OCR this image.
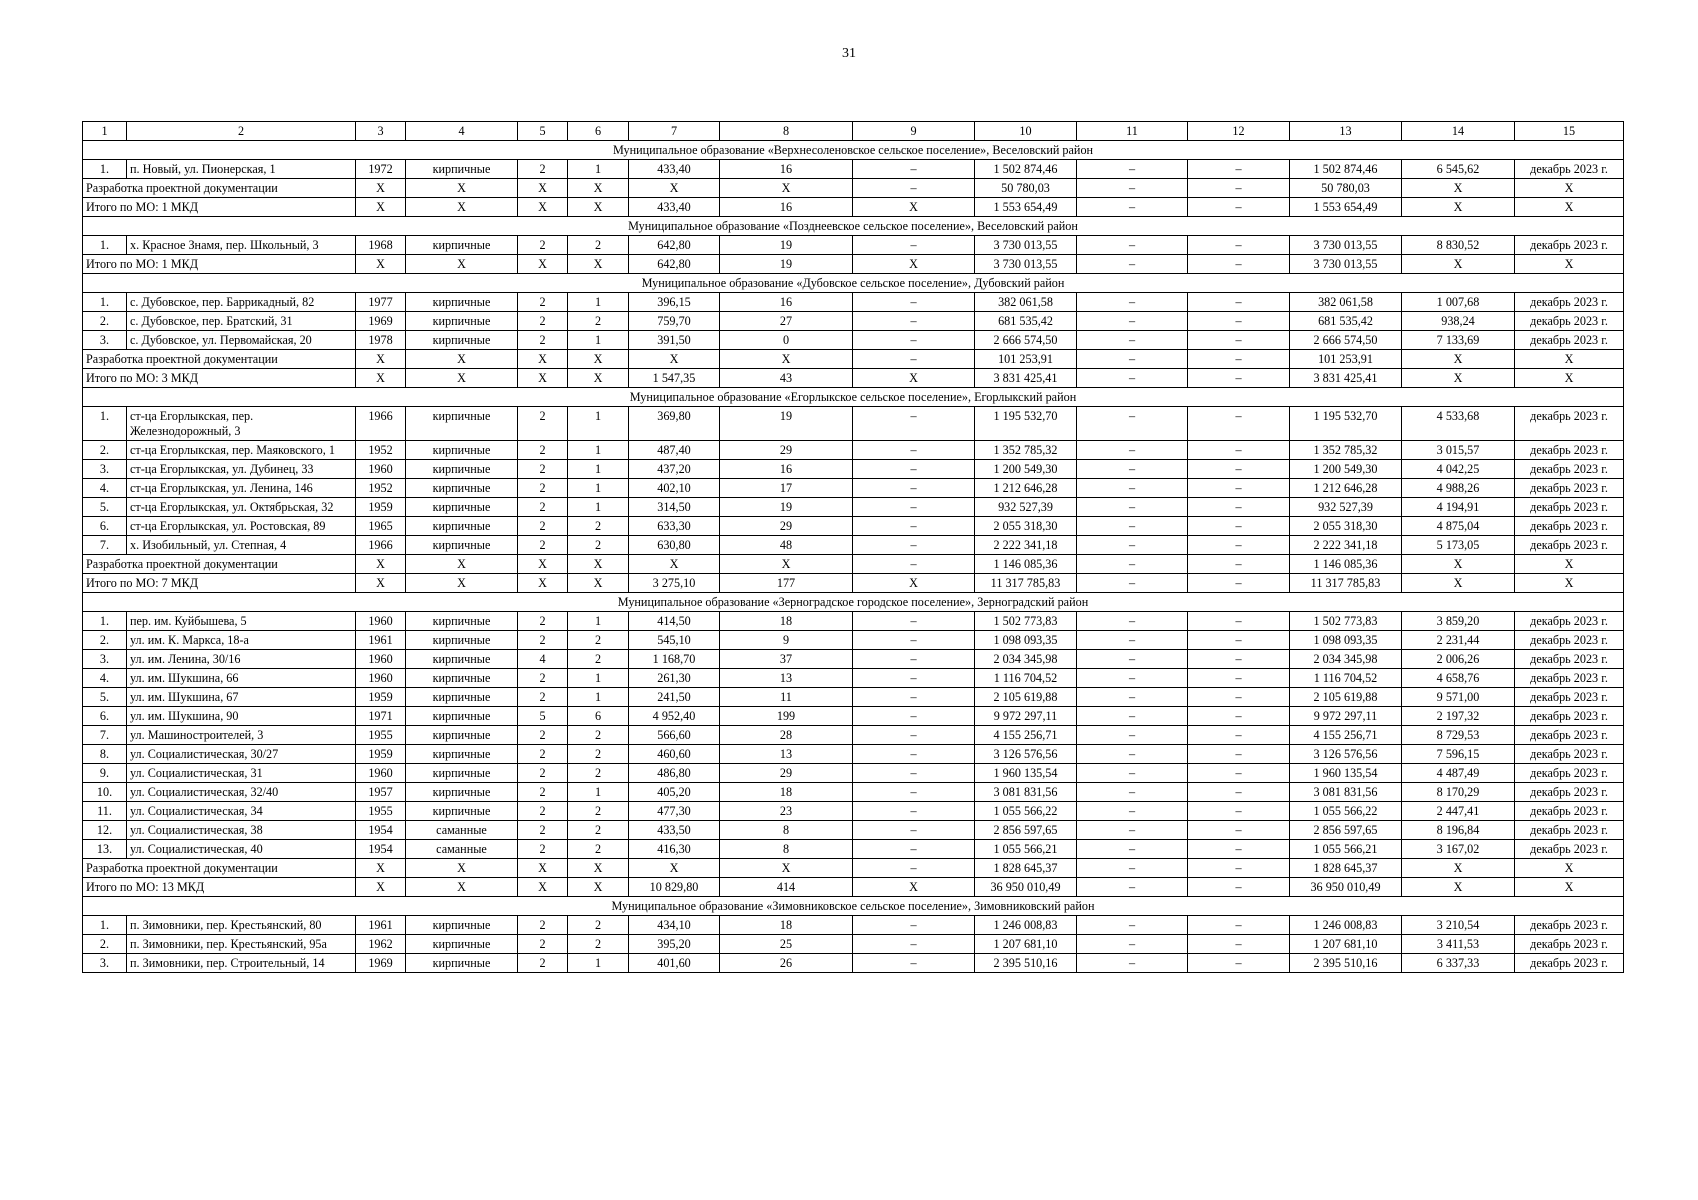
31
1	2	3	4	5	6	7	8	9	10	11	12	13	14	15
Муниципальное образование «Верхнесоленовское сельское поселение», Веселовский район														
1.	п. Новый, ул. Пионерская, 1	1972	кирпичные	2	1	433,40	16	–	1 502 874,46	–	–	1 502 874,46	6 545,62	декабрь 2023 г.
Разработка проектной документации		X	X	X	X	X	X	–	50 780,03	–	–	50 780,03	X	X
Итого по МО: 1 МКД		X	X	X	X	433,40	16	X	1 553 654,49	–	–	1 553 654,49	X	X
Муниципальное образование «Позднеевское сельское поселение», Веселовский район														
1.	х. Красное Знамя, пер. Школьный, 3	1968	кирпичные	2	2	642,80	19	–	3 730 013,55	–	–	3 730 013,55	8 830,52	декабрь 2023 г.
Итого по МО: 1 МКД		X	X	X	X	642,80	19	X	3 730 013,55	–	–	3 730 013,55	X	X
Муниципальное образование «Дубовское сельское поселение», Дубовский район														
1.	с. Дубовское, пер. Баррикадный, 82	1977	кирпичные	2	1	396,15	16	–	382 061,58	–	–	382 061,58	1 007,68	декабрь 2023 г.
2.	с. Дубовское, пер. Братский, 31	1969	кирпичные	2	2	759,70	27	–	681 535,42	–	–	681 535,42	938,24	декабрь 2023 г.
3.	с. Дубовское, ул. Первомайская, 20	1978	кирпичные	2	1	391,50	0	–	2 666 574,50	–	–	2 666 574,50	7 133,69	декабрь 2023 г.
Разработка проектной документации		X	X	X	X	X	X	–	101 253,91	–	–	101 253,91	X	X
Итого по МО: 3 МКД		X	X	X	X	1 547,35	43	X	3 831 425,41	–	–	3 831 425,41	X	X
Муниципальное образование «Егорлыкское сельское поселение», Егорлыкский район														
1.	ст-ца Егорлыкская, пер. Железнодорожный, 3	1966	кирпичные	2	1	369,80	19	–	1 195 532,70	–	–	1 195 532,70	4 533,68	декабрь 2023 г.
2.	ст-ца Егорлыкская, пер. Маяковского, 1	1952	кирпичные	2	1	487,40	29	–	1 352 785,32	–	–	1 352 785,32	3 015,57	декабрь 2023 г.
3.	ст-ца Егорлыкская, ул. Дубинец, 33	1960	кирпичные	2	1	437,20	16	–	1 200 549,30	–	–	1 200 549,30	4 042,25	декабрь 2023 г.
4.	ст-ца Егорлыкская, ул. Ленина, 146	1952	кирпичные	2	1	402,10	17	–	1 212 646,28	–	–	1 212 646,28	4 988,26	декабрь 2023 г.
5.	ст-ца Егорлыкская, ул. Октябрьская, 32	1959	кирпичные	2	1	314,50	19	–	932 527,39	–	–	932 527,39	4 194,91	декабрь 2023 г.
6.	ст-ца Егорлыкская, ул. Ростовская, 89	1965	кирпичные	2	2	633,30	29	–	2 055 318,30	–	–	2 055 318,30	4 875,04	декабрь 2023 г.
7.	х. Изобильный, ул. Степная, 4	1966	кирпичные	2	2	630,80	48	–	2 222 341,18	–	–	2 222 341,18	5 173,05	декабрь 2023 г.
Разработка проектной документации		X	X	X	X	X	X	–	1 146 085,36	–	–	1 146 085,36	X	X
Итого по МО: 7 МКД		X	X	X	X	3 275,10	177	X	11 317 785,83	–	–	11 317 785,83	X	X
Муниципальное образование «Зерноградское городское поселение», Зерноградский район														
1.	пер. им. Куйбышева, 5	1960	кирпичные	2	1	414,50	18	–	1 502 773,83	–	–	1 502 773,83	3 859,20	декабрь 2023 г.
2.	ул. им. К. Маркса, 18-а	1961	кирпичные	2	2	545,10	9	–	1 098 093,35	–	–	1 098 093,35	2 231,44	декабрь 2023 г.
3.	ул. им. Ленина, 30/16	1960	кирпичные	4	2	1 168,70	37	–	2 034 345,98	–	–	2 034 345,98	2 006,26	декабрь 2023 г.
4.	ул. им. Шукшина, 66	1960	кирпичные	2	1	261,30	13	–	1 116 704,52	–	–	1 116 704,52	4 658,76	декабрь 2023 г.
5.	ул. им. Шукшина, 67	1959	кирпичные	2	1	241,50	11	–	2 105 619,88	–	–	2 105 619,88	9 571,00	декабрь 2023 г.
6.	ул. им. Шукшина, 90	1971	кирпичные	5	6	4 952,40	199	–	9 972 297,11	–	–	9 972 297,11	2 197,32	декабрь 2023 г.
7.	ул. Машиностроителей, 3	1955	кирпичные	2	2	566,60	28	–	4 155 256,71	–	–	4 155 256,71	8 729,53	декабрь 2023 г.
8.	ул. Социалистическая, 30/27	1959	кирпичные	2	2	460,60	13	–	3 126 576,56	–	–	3 126 576,56	7 596,15	декабрь 2023 г.
9.	ул. Социалистическая, 31	1960	кирпичные	2	2	486,80	29	–	1 960 135,54	–	–	1 960 135,54	4 487,49	декабрь 2023 г.
10.	ул. Социалистическая, 32/40	1957	кирпичные	2	1	405,20	18	–	3 081 831,56	–	–	3 081 831,56	8 170,29	декабрь 2023 г.
11.	ул. Социалистическая, 34	1955	кирпичные	2	2	477,30	23	–	1 055 566,22	–	–	1 055 566,22	2 447,41	декабрь 2023 г.
12.	ул. Социалистическая, 38	1954	саманные	2	2	433,50	8	–	2 856 597,65	–	–	2 856 597,65	8 196,84	декабрь 2023 г.
13.	ул. Социалистическая, 40	1954	саманные	2	2	416,30	8	–	1 055 566,21	–	–	1 055 566,21	3 167,02	декабрь 2023 г.
Разработка проектной документации		X	X	X	X	X	X	–	1 828 645,37	–	–	1 828 645,37	X	X
Итого по МО: 13 МКД		X	X	X	X	10 829,80	414	X	36 950 010,49	–	–	36 950 010,49	X	X
Муниципальное образование «Зимовниковское сельское поселение», Зимовниковский район														
1.	п. Зимовники, пер. Крестьянский, 80	1961	кирпичные	2	2	434,10	18	–	1 246 008,83	–	–	1 246 008,83	3 210,54	декабрь 2023 г.
2.	п. Зимовники, пер. Крестьянский, 95а	1962	кирпичные	2	2	395,20	25	–	1 207 681,10	–	–	1 207 681,10	3 411,53	декабрь 2023 г.
3.	п. Зимовники, пер. Строительный, 14	1969	кирпичные	2	1	401,60	26	–	2 395 510,16	–	–	2 395 510,16	6 337,33	декабрь 2023 г.
